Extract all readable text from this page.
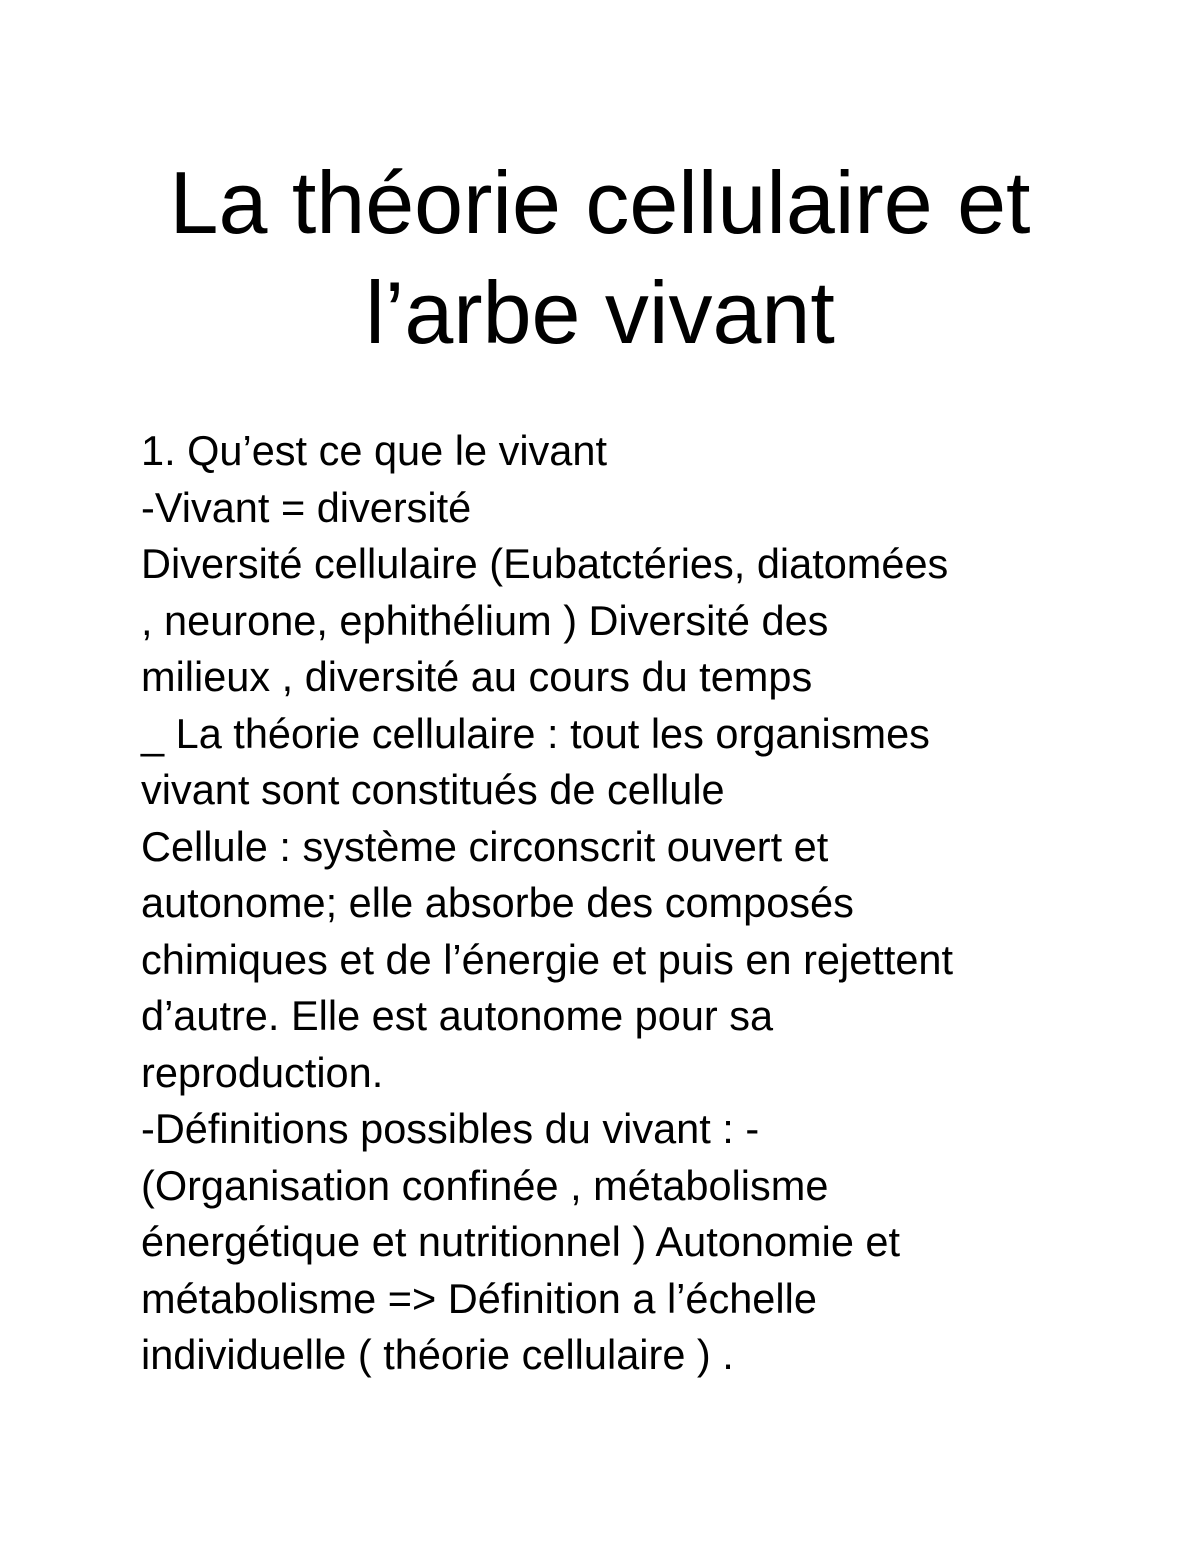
La théorie cellulaire et
l’arbe vivant
1. Qu’est ce que le vivant
-Vivant = diversité
Diversité cellulaire (Eubatctéries, diatomées
, neurone, ephithélium ) Diversité des
milieux , diversité au cours du temps
_ La théorie cellulaire : tout les organismes
vivant sont constitués de cellule
Cellule : système circonscrit ouvert et
autonome; elle absorbe des composés
chimiques et de l’énergie et puis en rejettent
d’autre. Elle est autonome pour sa
reproduction.
-Définitions possibles du vivant : -
(Organisation confinée , métabolisme
énergétique et nutritionnel ) Autonomie et
métabolisme => Définition a l’échelle
individuelle ( théorie cellulaire ) .
